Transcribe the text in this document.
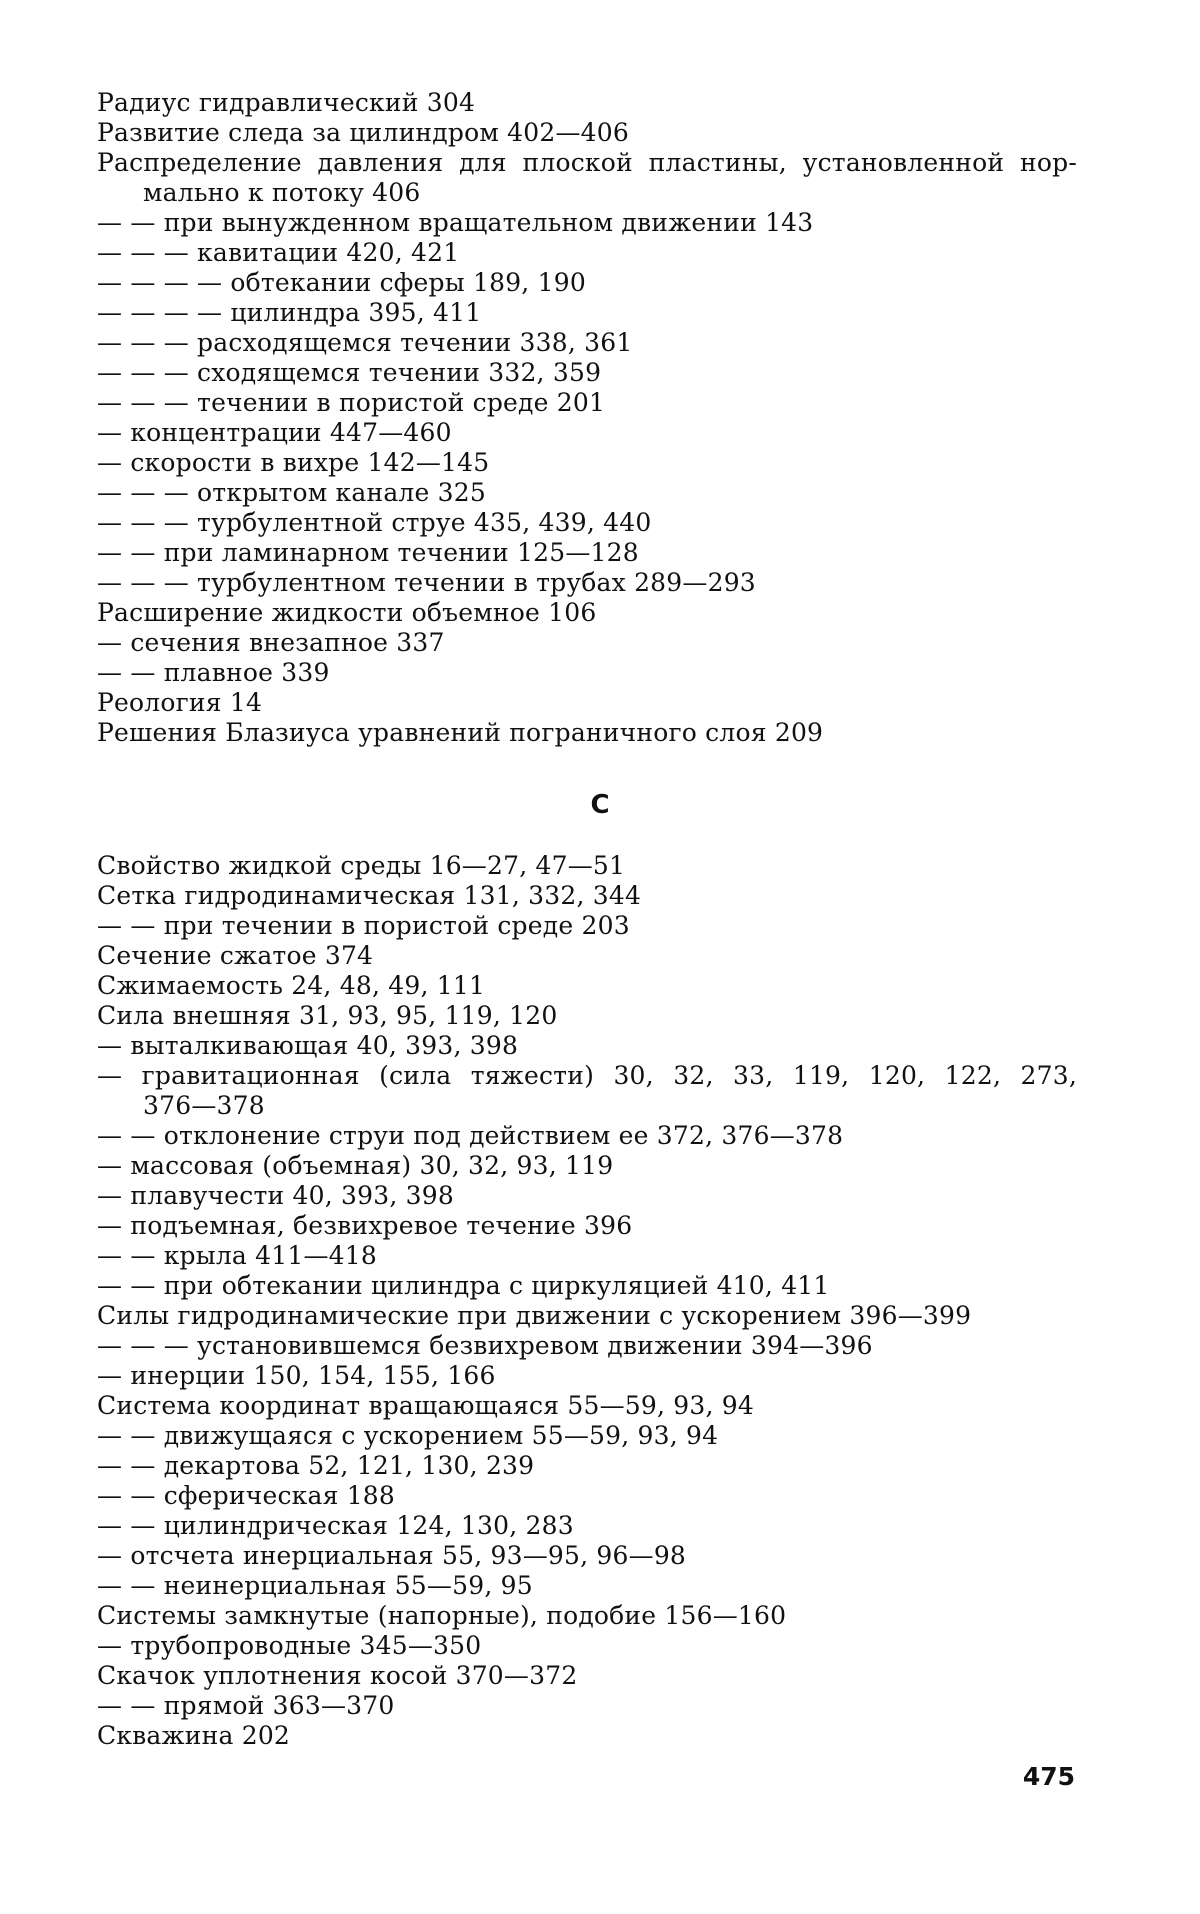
Радиус гидравлический 304
Развитие следа за цилиндром 402—406
Распределение давления для плоской пластины, установленной нор-
мально к потоку 406
— — при вынужденном вращательном движении 143
— — — кавитации 420, 421
— — — — обтекании сферы 189, 190
— — — — цилиндра 395, 411
— — — расходящемся течении 338, 361
— — — сходящемся течении 332, 359
— — — течении в пористой среде 201
— концентрации 447—460
— скорости в вихре 142—145
— — — открытом канале 325
— — — турбулентной струе 435, 439, 440
— — при ламинарном течении 125—128
— — — турбулентном течении в трубах 289—293
Расширение жидкости объемное 106
— сечения внезапное 337
— — плавное 339
Реология 14
Решения Блазиуса уравнений пограничного слоя 209
С
Свойство жидкой среды 16—27, 47—51
Сетка гидродинамическая 131, 332, 344
— — при течении в пористой среде 203
Сечение сжатое 374
Сжимаемость 24, 48, 49, 111
Сила внешняя 31, 93, 95, 119, 120
— выталкивающая 40, 393, 398
— гравитационная (сила тяжести) 30, 32, 33, 119, 120, 122, 273,
376—378
— — отклонение струи под действием ее 372, 376—378
— массовая (объемная) 30, 32, 93, 119
— плавучести 40, 393, 398
— подъемная, безвихревое течение 396
— — крыла 411—418
— — при обтекании цилиндра с циркуляцией 410, 411
Силы гидродинамические при движении с ускорением 396—399
— — — установившемся безвихревом движении 394—396
— инерции 150, 154, 155, 166
Система координат вращающаяся 55—59, 93, 94
— — движущаяся с ускорением 55—59, 93, 94
— — декартова 52, 121, 130, 239
— — сферическая 188
— — цилиндрическая 124, 130, 283
— отсчета инерциальная 55, 93—95, 96—98
— — неинерциальная 55—59, 95
Системы замкнутые (напорные), подобие 156—160
— трубопроводные 345—350
Скачок уплотнения косой 370—372
— — прямой 363—370
Скважина 202
475
